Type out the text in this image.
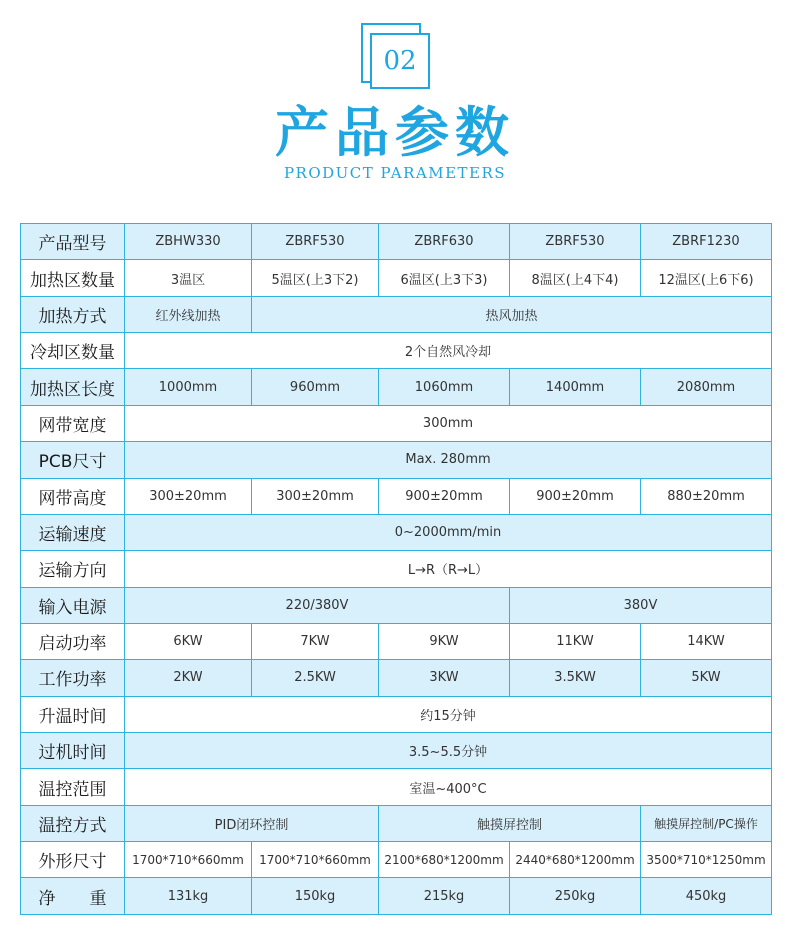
02
产品参数
PRODUCT PARAMETERS
产品型号	ZBHW330	ZBRF530	ZBRF630	ZBRF530	ZBRF1230
加热区数量	3温区	5温区(上3下2)	6温区(上3下3)	8温区(上4下4)	12温区(上6下6)
加热方式	红外线加热	热风加热			
冷却区数量	2个自然风冷却				
加热区长度	1000mm	960mm	1060mm	1400mm	2080mm
网带宽度	300mm				
PCB尺寸	Max. 280mm				
网带高度	300±20mm	300±20mm	900±20mm	900±20mm	880±20mm
运输速度	0~2000mm/min				
运输方向	L→R（R→L）				
输入电源	220/380V			380V	
启动功率	6KW	7KW	9KW	11KW	14KW
工作功率	2KW	2.5KW	3KW	3.5KW	5KW
升温时间	约15分钟				
过机时间	3.5~5.5分钟				
温控范围	室温~400°C				
温控方式	PID闭环控制		触摸屏控制		触摸屏控制/PC操作
外形尺寸	1700*710*660mm	1700*710*660mm	2100*680*1200mm	2440*680*1200mm	3500*710*1250mm
净　　重	131kg	150kg	215kg	250kg	450kg
